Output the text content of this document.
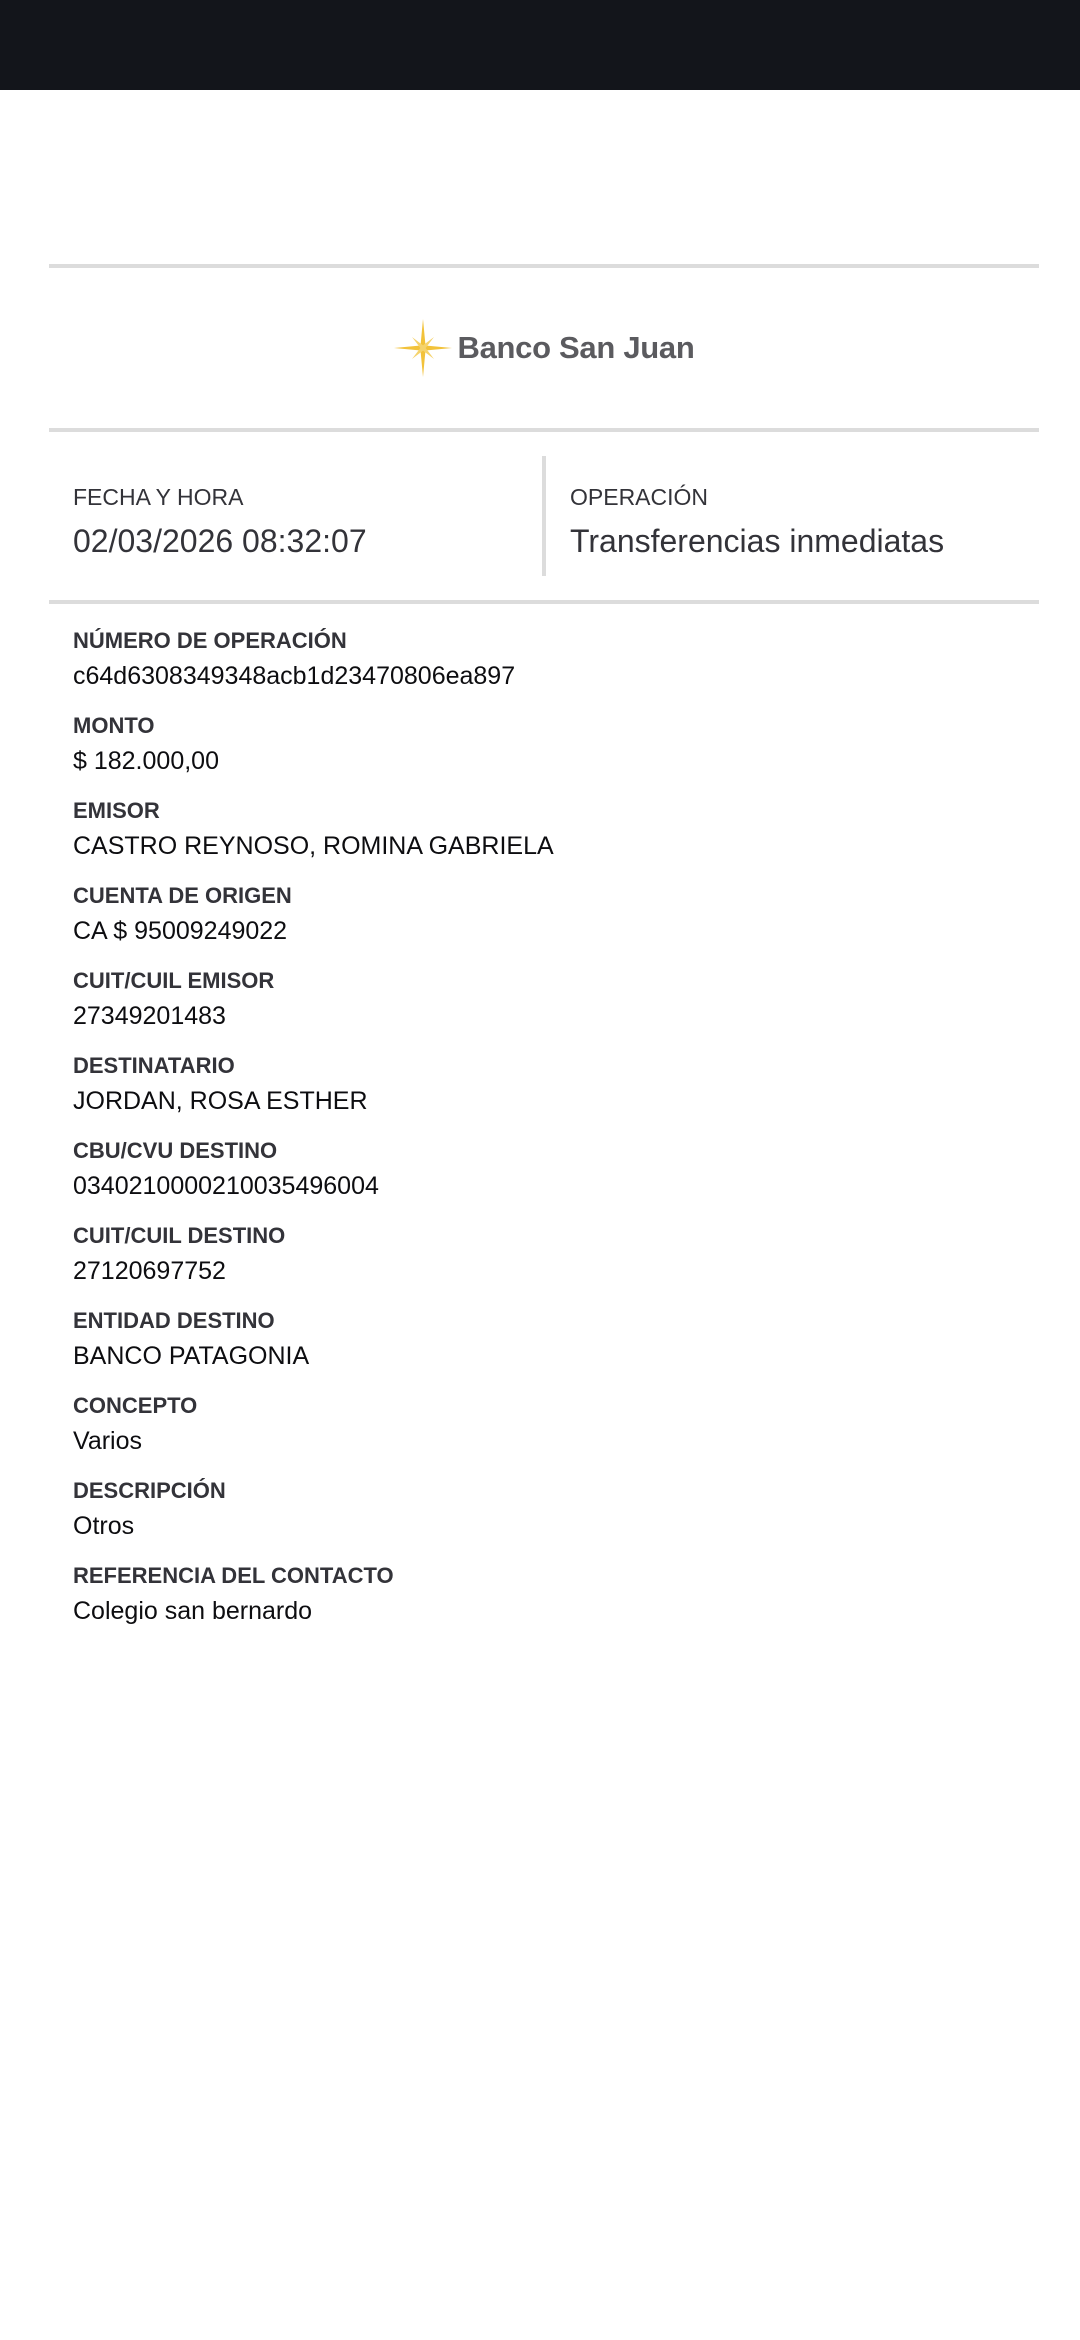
Banco San Juan
FECHA Y HORA
02/03/2026 08:32:07
OPERACIÓN
Transferencias inmediatas
NÚMERO DE OPERACIÓN
c64d6308349348acb1d23470806ea897
MONTO
$ 182.000,00
EMISOR
CASTRO REYNOSO, ROMINA GABRIELA
CUENTA DE ORIGEN
CA $ 95009249022
CUIT/CUIL EMISOR
27349201483
DESTINATARIO
JORDAN, ROSA ESTHER
CBU/CVU DESTINO
0340210000210035496004
CUIT/CUIL DESTINO
27120697752
ENTIDAD DESTINO
BANCO PATAGONIA
CONCEPTO
Varios
DESCRIPCIÓN
Otros
REFERENCIA DEL CONTACTO
Colegio san bernardo
